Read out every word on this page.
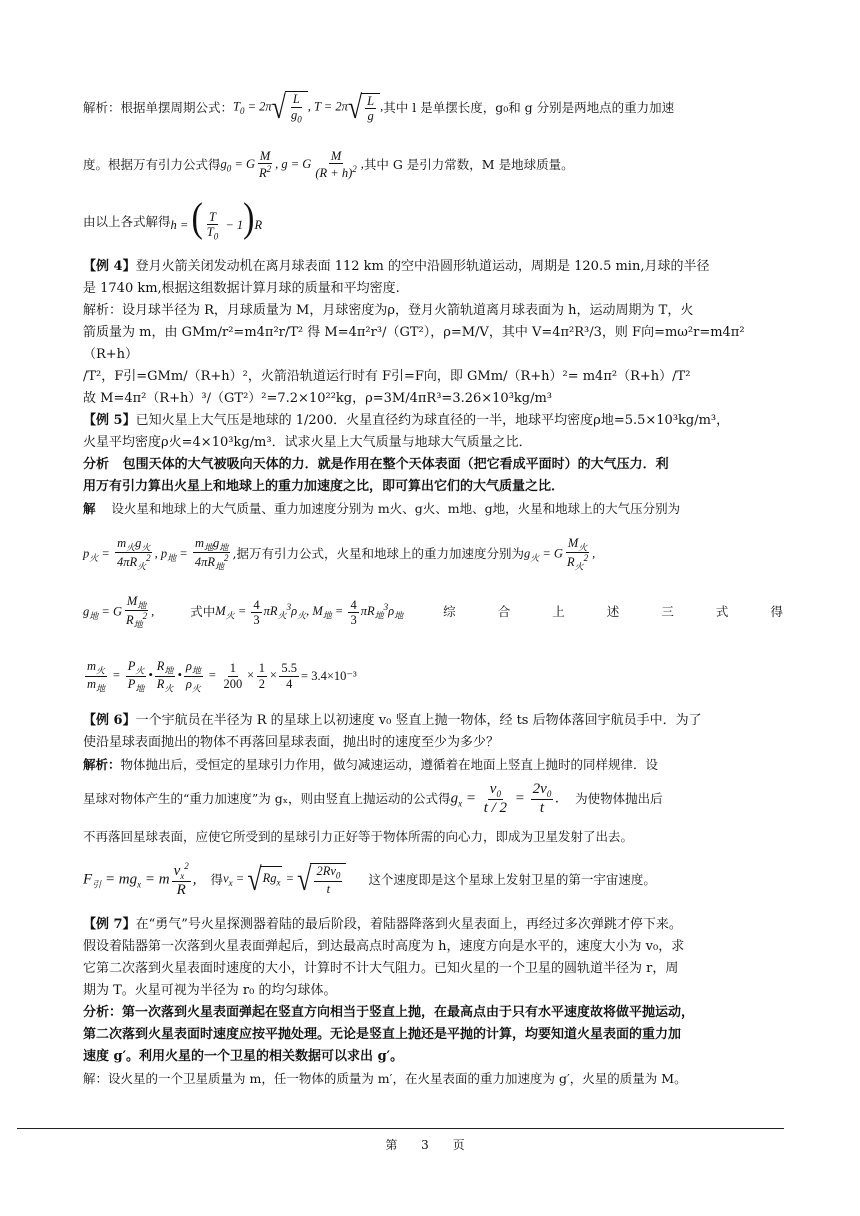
解析：根据单摆周期公式： $T_0 = 2\pi$ √ $\frac{L}{g_0}$ , T = 2π √ $\frac{L}{g}$ , 其中 l 是单摆长度，g₀和 g 分别是两地点的重力加速
度。根据万有引力公式得 $g_0 = G \frac{M}{R^2}$ , g = G $\frac{M}{(R + h)^2}$ , 其中 G 是引力常数，M 是地球质量。
由以上各式解得 h = ( $\frac{T}{T_0} - 1)R$

【例 4】登月火箭关闭发动机在离月球表面 112 km 的空中沿圆形轨道运动，周期是 120.5 min,月球的半径

是 1740 km,根据这组数据计算月球的质量和平均密度.

解析：设月球半径为 R，月球质量为 M，月球密度为ρ，登月火箭轨道离月球表面为 h，运动周期为 T，火

箭质量为 m，由 GMm/r²=m4π²r/T² 得 M=4π²r³/（GT²），ρ=M/V，其中 V=4π²R³/3，则 F向=mω²r=m4π²（R+h）

/T²，F引=GMm/（R+h）²，火箭沿轨道运行时有 F引=F向，即 GMm/（R+h）²= m4π²（R+h）/T²

故 M=4π²（R+h）³/（GT²）²=7.2×10²²kg，ρ=3M/4πR³=3.26×10³kg/m³

【例 5】已知火星上大气压是地球的 1/200．火星直径约为球直径的一半，地球平均密度ρ地=5.5×10³kg/m³，

火星平均密度ρ火=4×10³kg/m³．试求火星上大气质量与地球大气质量之比．

分析 包围天体的大气被吸向天体的力．就是作用在整个天体表面（把它看成平面时）的大气压力．利

用万有引力算出火星上和地球上的重力加速度之比，即可算出它们的大气质量之比．

解 设火星和地球上的大气质量、重力加速度分别为 m火、g火、m地、g地，火星和地球上的大气压分别为

$p_火 = \frac{m_火g_火}{4\pi R_火^2}$ , $p_地 = \frac{m_地g_地}{4\pi R_地^2}$ ,据万有引力公式，火星和地球上的重力加速度分别为 $g_火 = G \frac{M_火}{R_火^2}$ ,
$g_地 = G \frac{M_地}{R_地^2}$ ,	式中 $M_火 = \frac{4}{3} \pi R_火^3\rho_火$, $M_地 = \frac{4}{3} \pi R_地^3\rho_地$	综	合	上	述	三	式	得
$\frac{m_火}{m_地} = \frac{P_火}{P_地}$ • $\frac{R_地}{R_火}$ • $\frac{\rho_地}{\rho_火} = \frac{1}{200} \times \frac{1}{2} \times \frac{5.5}{4} = 3.4\times 10^{-3}$

【例 6】一个宇航员在半径为 R 的星球上以初速度 v₀ 竖直上抛一物体，经 ts 后物体落回宇航员手中．为了

使沿星球表面抛出的物体不再落回星球表面，抛出时的速度至少为多少？

解析：物体抛出后，受恒定的星球引力作用，做匀减速运动，遵循着在地面上竖直上抛时的同样规律．设

星球对物体产生的“重力加速度”为 gₓ，则由竖直上抛运动的公式得 $g_x = \frac{v_0}{t / 2} = \frac{2v_0}{t}$ . 为使物体抛出后

不再落回星球表面，应使它所受到的星球引力正好等于物体所需的向心力，即成为卫星发射了出去。

$F_引 = mg_x = m \frac{v_x^2}{R}$ , 得 $v_x$ = √ $Rg_x$ = √ $\frac{2Rv_0}{t}$ 这个速度即是这个星球上发射卫星的第一宇宙速度。

【例 7】在“勇气”号火星探测器着陆的最后阶段，着陆器降落到火星表面上，再经过多次弹跳才停下来。

假设着陆器第一次落到火星表面弹起后，到达最高点时高度为 h，速度方向是水平的，速度大小为 v₀，求

它第二次落到火星表面时速度的大小，计算时不计大气阻力。已知火星的一个卫星的圆轨道半径为 r，周

期为 T。火星可视为半径为 r₀ 的均匀球体。

分析：第一次落到火星表面弹起在竖直方向相当于竖直上抛，在最高点由于只有水平速度故将做平抛运动，

第二次落到火星表面时速度应按平抛处理。无论是竖直上抛还是平抛的计算，均要知道火星表面的重力加

速度 g′。利用火星的一个卫星的相关数据可以求出 g′。

解：设火星的一个卫星质量为 m，任一物体的质量为 m′，在火星表面的重力加速度为 g′，火星的质量为 M。

第 3 页
